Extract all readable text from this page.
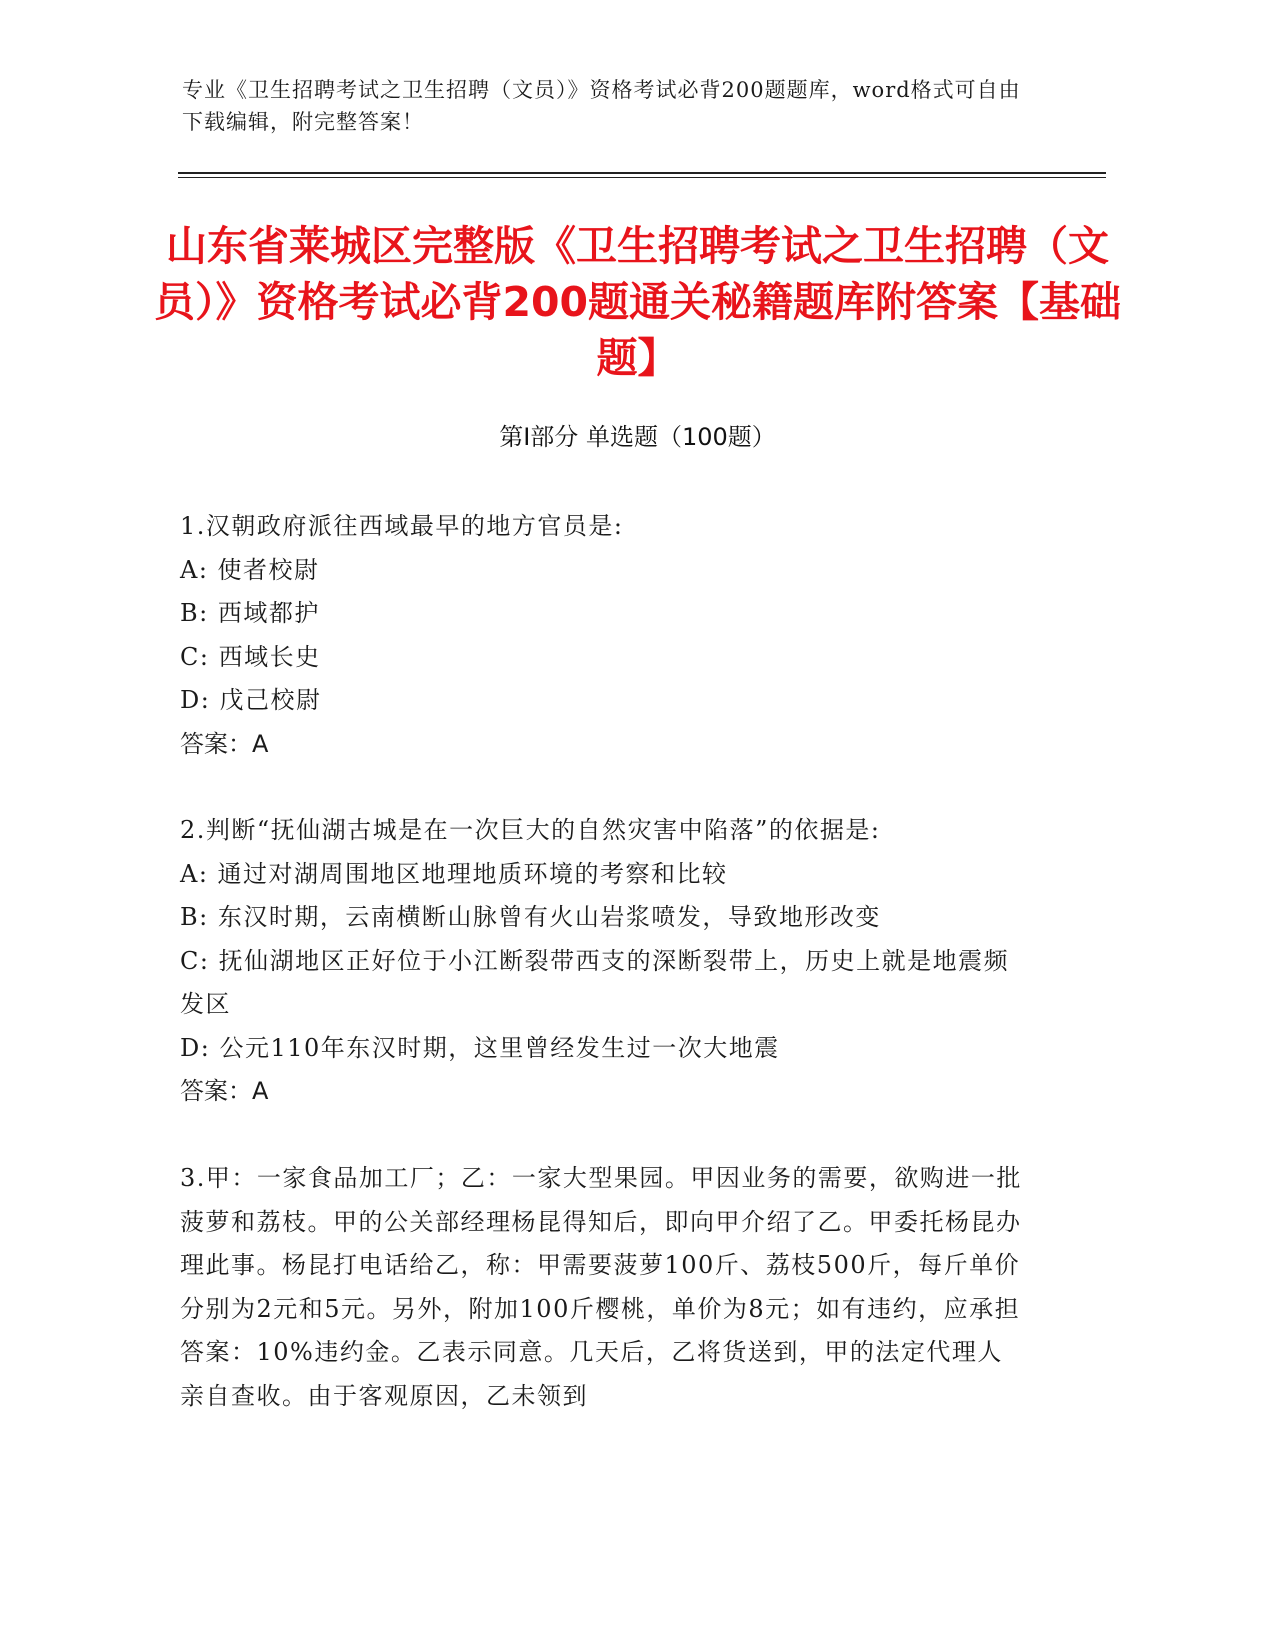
专业《卫生招聘考试之卫生招聘（文员）》资格考试必背200题题库，word格式可自由下载编辑，附完整答案！
山东省莱城区完整版《卫生招聘考试之卫生招聘（文员）》资格考试必背200题通关秘籍题库附答案【基础题】
第Ⅰ部分 单选题（100题）
1.汉朝政府派往西域最早的地方官员是:
A: 使者校尉
B: 西域都护
C: 西域长史
D: 戊己校尉
答案：A
2.判断“抚仙湖古城是在一次巨大的自然灾害中陷落”的依据是:
A: 通过对湖周围地区地理地质环境的考察和比较
B: 东汉时期，云南横断山脉曾有火山岩浆喷发，导致地形改变
C: 抚仙湖地区正好位于小江断裂带西支的深断裂带上，历史上就是地震频发区
D: 公元110年东汉时期，这里曾经发生过一次大地震
答案：A
3.甲：一家食品加工厂；乙：一家大型果园。甲因业务的需要，欲购进一批菠萝和荔枝。甲的公关部经理杨昆得知后，即向甲介绍了乙。甲委托杨昆办理此事。杨昆打电话给乙，称：甲需要菠萝100斤、荔枝500斤，每斤单价分别为2元和5元。另外，附加100斤樱桃，单价为8元；如有违约，应承担答案：10%违约金。乙表示同意。几天后，乙将货送到，甲的法定代理人亲自查收。由于客观原因，乙未领到
